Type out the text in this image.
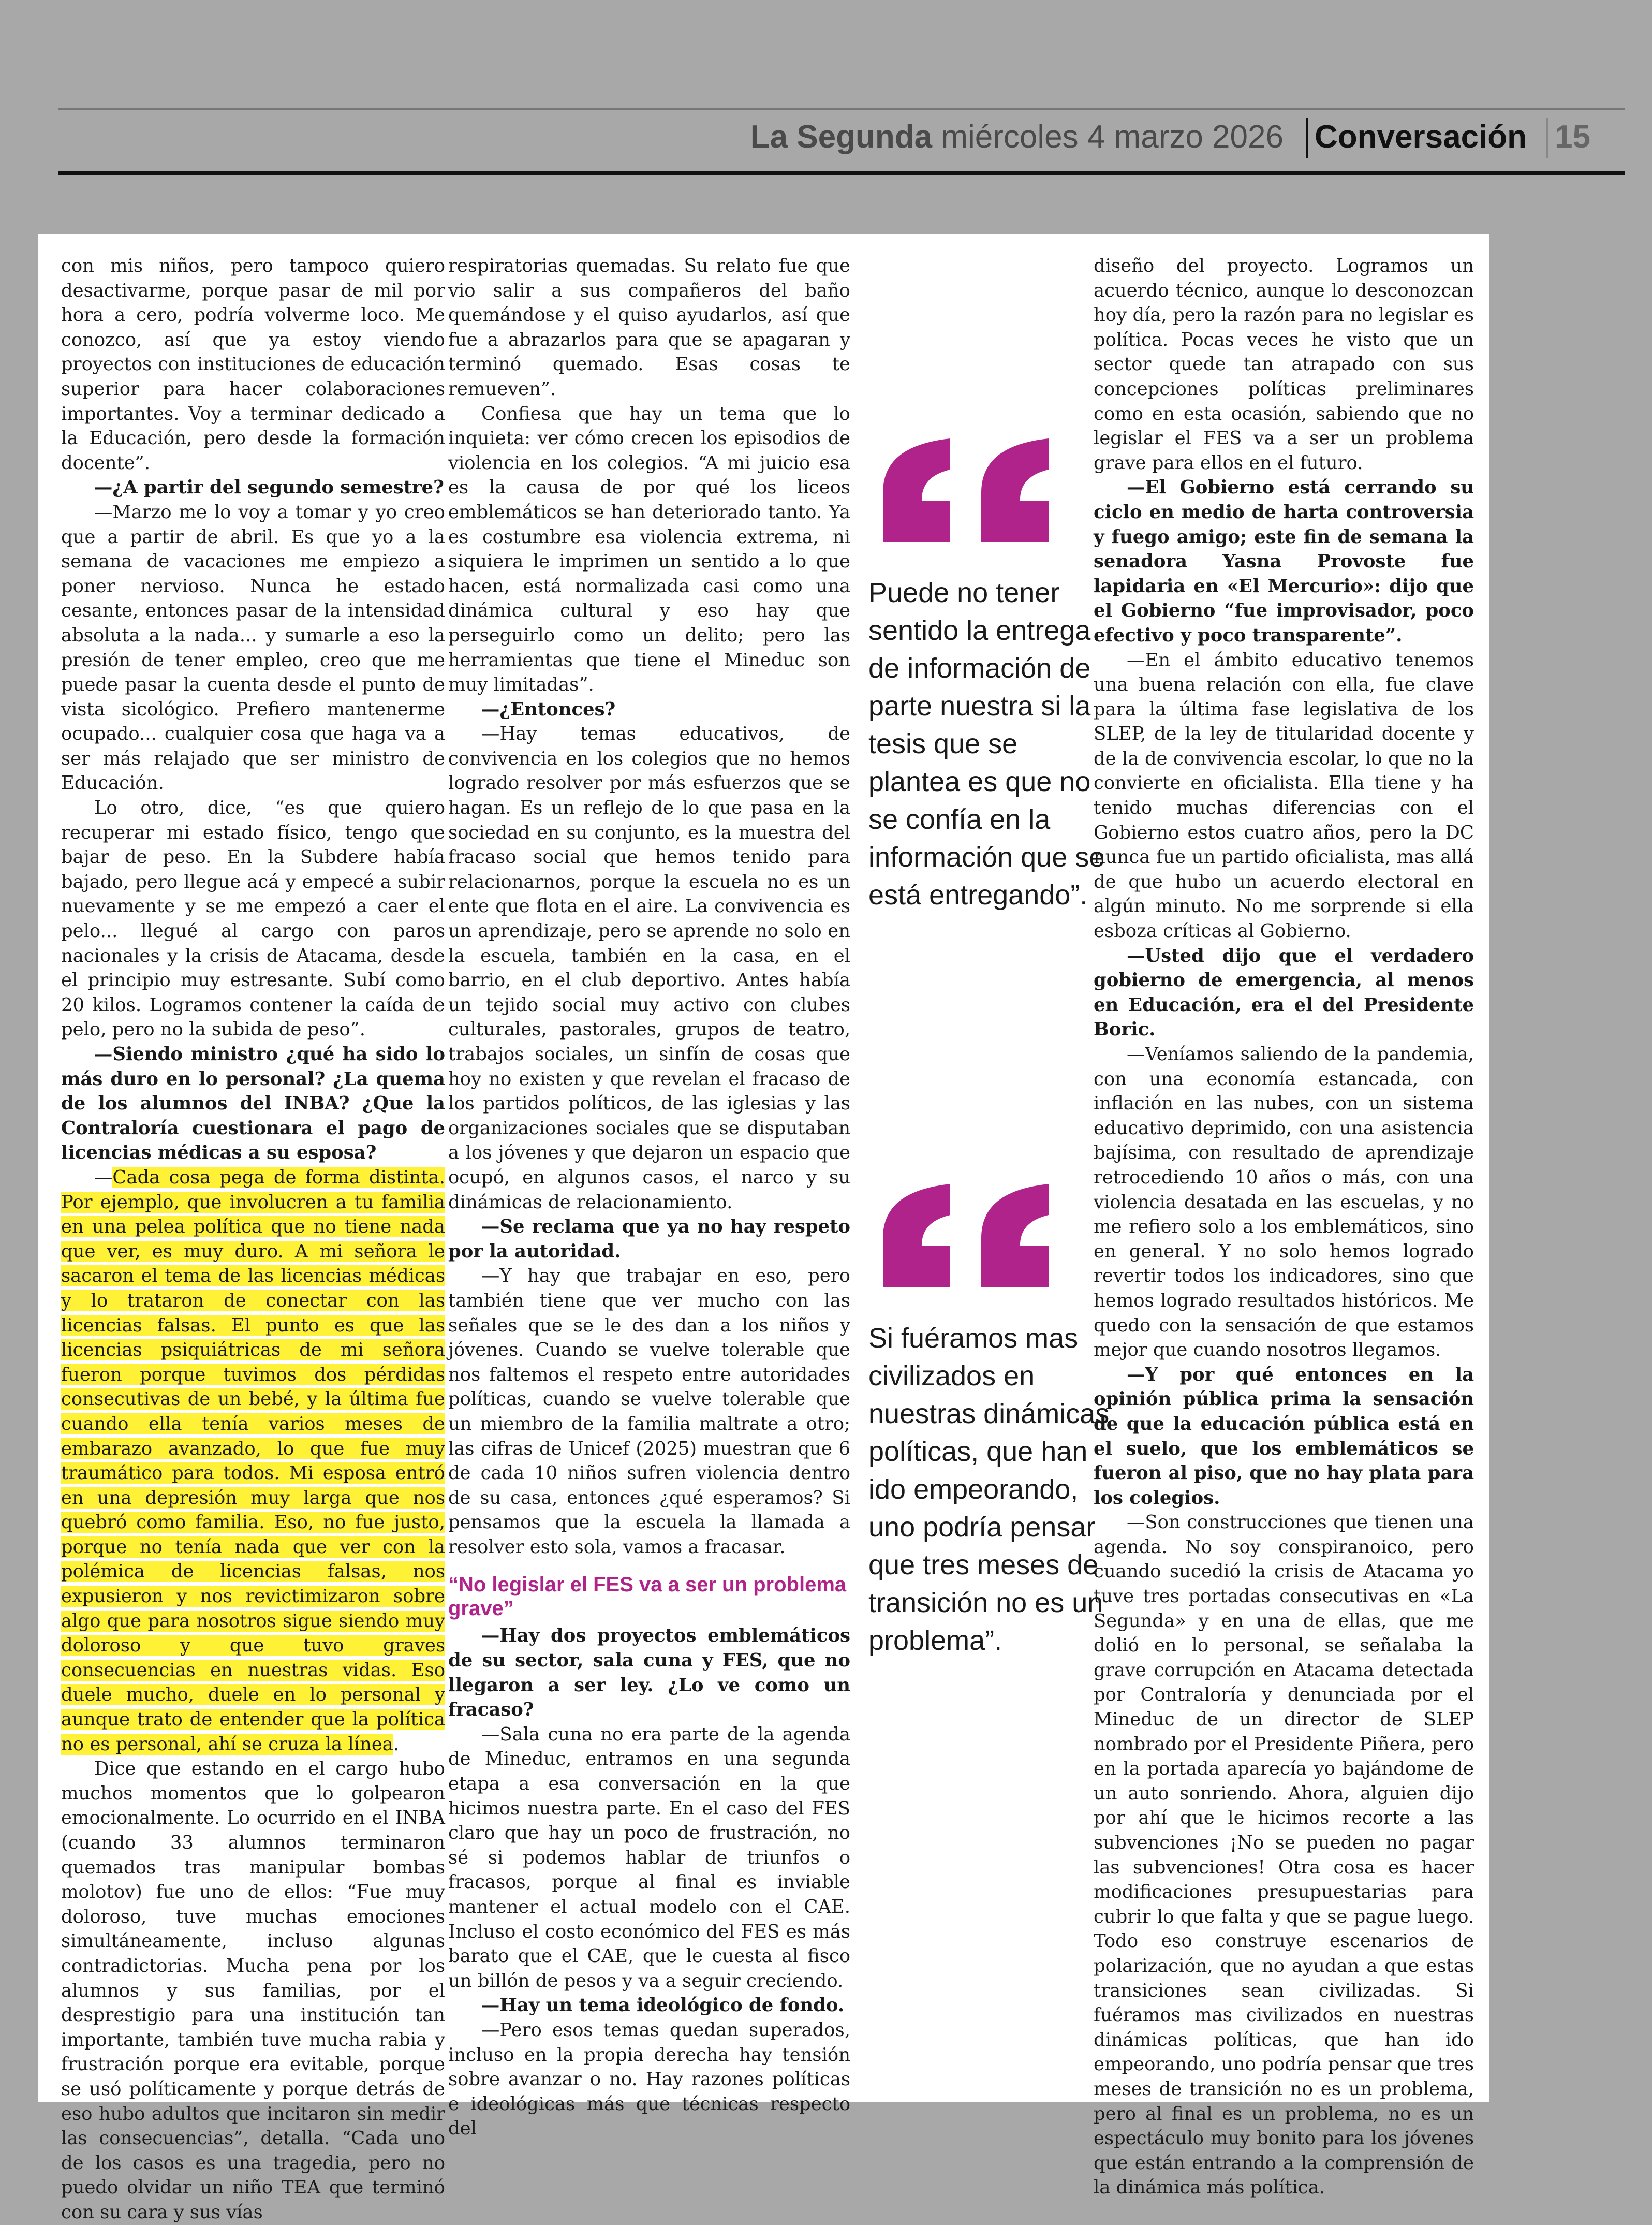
La Segunda miércoles 4 marzo 2026 Conversación 15

con mis niños, pero tampoco quiero desactivarme, porque pasar de mil por hora a cero, podría volverme loco. Me conozco, así que ya estoy viendo proyectos con instituciones de educación superior para hacer colaboraciones importantes. Voy a terminar dedicado a la Educación, pero desde la formación docente”.

—¿A partir del segundo semestre?

—Marzo me lo voy a tomar y yo creo que a partir de abril. Es que yo a la semana de vacaciones me empiezo a poner nervioso. Nunca he estado cesante, entonces pasar de la intensidad absoluta a la nada... y sumarle a eso la presión de tener empleo, creo que me puede pasar la cuenta desde el punto de vista sicológico. Prefiero mantenerme ocupado... cualquier cosa que haga va a ser más relajado que ser ministro de Educación.

Lo otro, dice, “es que quiero recuperar mi estado físico, tengo que bajar de peso. En la Subdere había bajado, pero llegue acá y empecé a subir nuevamente y se me empezó a caer el pelo... llegué al cargo con paros nacionales y la crisis de Atacama, desde el principio muy estresante. Subí como 20 kilos. Logramos contener la caída de pelo, pero no la subida de peso”.

—Siendo ministro ¿qué ha sido lo más duro en lo personal? ¿La quema de los alumnos del INBA? ¿Que la Contraloría cuestionara el pago de licencias médicas a su esposa?

—Cada cosa pega de forma distinta. Por ejemplo, que involucren a tu familia en una pelea política que no tiene nada que ver, es muy duro. A mi señora le sacaron el tema de las licencias médicas y lo trataron de conectar con las licencias falsas. El punto es que las licencias psiquiátricas de mi señora fueron porque tuvimos dos pérdidas consecutivas de un bebé, y la última fue cuando ella tenía varios meses de embarazo avanzado, lo que fue muy traumático para todos. Mi esposa entró en una depresión muy larga que nos quebró como familia. Eso, no fue justo, porque no tenía nada que ver con la polémica de licencias falsas, nos expusieron y nos revictimizaron sobre algo que para nosotros sigue siendo muy doloroso y que tuvo graves consecuencias en nuestras vidas. Eso duele mucho, duele en lo personal y aunque trato de entender que la política no es personal, ahí se cruza la línea.

Dice que estando en el cargo hubo muchos momentos que lo golpearon emocionalmente. Lo ocurrido en el INBA (cuando 33 alumnos terminaron quemados tras manipular bombas molotov) fue uno de ellos: “Fue muy doloroso, tuve muchas emociones simultáneamente, incluso algunas contradictorias. Mucha pena por los alumnos y sus familias, por el desprestigio para una institución tan importante, también tuve mucha rabia y frustración porque era evitable, porque se usó políticamente y porque detrás de eso hubo adultos que incitaron sin medir las consecuencias”, detalla. “Cada uno de los casos es una tragedia, pero no puedo olvidar un niño TEA que terminó con su cara y sus vías

respiratorias quemadas. Su relato fue que vio salir a sus compañeros del baño quemándose y el quiso ayudarlos, así que fue a abrazarlos para que se apagaran y terminó quemado. Esas cosas te remueven”.

Confiesa que hay un tema que lo inquieta: ver cómo crecen los episodios de violencia en los colegios. “A mi juicio esa es la causa de por qué los liceos emblemáticos se han deteriorado tanto. Ya es costumbre esa violencia extrema, ni siquiera le imprimen un sentido a lo que hacen, está normalizada casi como una dinámica cultural y eso hay que perseguirlo como un delito; pero las herramientas que tiene el Mineduc son muy limitadas”.

—¿Entonces?

—Hay temas educativos, de convivencia en los colegios que no hemos logrado resolver por más esfuerzos que se hagan. Es un reflejo de lo que pasa en la sociedad en su conjunto, es la muestra del fracaso social que hemos tenido para relacionarnos, porque la escuela no es un ente que flota en el aire. La convivencia es un aprendizaje, pero se aprende no solo en la escuela, también en la casa, en el barrio, en el club deportivo. Antes había un tejido social muy activo con clubes culturales, pastorales, grupos de teatro, trabajos sociales, un sinfín de cosas que hoy no existen y que revelan el fracaso de los partidos políticos, de las iglesias y las organizaciones sociales que se disputaban a los jóvenes y que dejaron un espacio que ocupó, en algunos casos, el narco y su dinámicas de relacionamiento.

—Se reclama que ya no hay respeto por la autoridad.

—Y hay que trabajar en eso, pero también tiene que ver mucho con las señales que se le des dan a los niños y jóvenes. Cuando se vuelve tolerable que nos faltemos el respeto entre autoridades políticas, cuando se vuelve tolerable que un miembro de la familia maltrate a otro; las cifras de Unicef (2025) muestran que 6 de cada 10 niños sufren violencia dentro de su casa, entonces ¿qué esperamos? Si pensamos que la escuela la llamada a resolver esto sola, vamos a fracasar.

“No legislar el FES va a ser un problema grave”

—Hay dos proyectos emblemáticos de su sector, sala cuna y FES, que no llegaron a ser ley. ¿Lo ve como un fracaso?

—Sala cuna no era parte de la agenda de Mineduc, entramos en una segunda etapa a esa conversación en la que hicimos nuestra parte. En el caso del FES claro que hay un poco de frustración, no sé si podemos hablar de triunfos o fracasos, porque al final es inviable mantener el actual modelo con el CAE. Incluso el costo económico del FES es más barato que el CAE, que le cuesta al fisco un billón de pesos y va a seguir creciendo.

—Hay un tema ideológico de fondo.

—Pero esos temas quedan superados, incluso en la propia derecha hay tensión sobre avanzar o no. Hay razones políticas e ideológicas más que técnicas respecto del

Puede no tener sentido la entrega de información de parte nuestra si la tesis que se plantea es que no se confía en la información que se está entregando”.
Si fuéramos mas civilizados en nuestras dinámicas políticas, que han ido empeorando, uno podría pensar que tres meses de transición no es un problema”.

diseño del proyecto. Logramos un acuerdo técnico, aunque lo desconozcan hoy día, pero la razón para no legislar es política. Pocas veces he visto que un sector quede tan atrapado con sus concepciones políticas preliminares como en esta ocasión, sabiendo que no legislar el FES va a ser un problema grave para ellos en el futuro.

—El Gobierno está cerrando su ciclo en medio de harta controversia y fuego amigo; este fin de semana la senadora Yasna Provoste fue lapidaria en «El Mercurio»: dijo que el Gobierno “fue improvisador, poco efectivo y poco transparente”.

—En el ámbito educativo tenemos una buena relación con ella, fue clave para la última fase legislativa de los SLEP, de la ley de titularidad docente y de la de convivencia escolar, lo que no la convierte en oficialista. Ella tiene y ha tenido muchas diferencias con el Gobierno estos cuatro años, pero la DC nunca fue un partido oficialista, mas allá de que hubo un acuerdo electoral en algún minuto. No me sorprende si ella esboza críticas al Gobierno.

—Usted dijo que el verdadero gobierno de emergencia, al menos en Educación, era el del Presidente Boric.

—Veníamos saliendo de la pandemia, con una economía estancada, con inflación en las nubes, con un sistema educativo deprimido, con una asistencia bajísima, con resultado de aprendizaje retrocediendo 10 años o más, con una violencia desatada en las escuelas, y no me refiero solo a los emblemáticos, sino en general. Y no solo hemos logrado revertir todos los indicadores, sino que hemos logrado resultados históricos. Me quedo con la sensación de que estamos mejor que cuando nosotros llegamos.

—Y por qué entonces en la opinión pública prima la sensación de que la educación pública está en el suelo, que los emblemáticos se fueron al piso, que no hay plata para los colegios.

—Son construcciones que tienen una agenda. No soy conspiranoico, pero cuando sucedió la crisis de Atacama yo tuve tres portadas consecutivas en «La Segunda» y en una de ellas, que me dolió en lo personal, se señalaba la grave corrupción en Atacama detectada por Contraloría y denunciada por el Mineduc de un director de SLEP nombrado por el Presidente Piñera, pero en la portada aparecía yo bajándome de un auto sonriendo. Ahora, alguien dijo por ahí que le hicimos recorte a las subvenciones ¡No se pueden no pagar las subvenciones! Otra cosa es hacer modificaciones presupuestarias para cubrir lo que falta y que se pague luego. Todo eso construye escenarios de polarización, que no ayudan a que estas transiciones sean civilizadas. Si fuéramos mas civilizados en nuestras dinámicas políticas, que han ido empeorando, uno podría pensar que tres meses de transición no es un problema, pero al final es un problema, no es un espectáculo muy bonito para los jóvenes que están entrando a la comprensión de la dinámica más política.
